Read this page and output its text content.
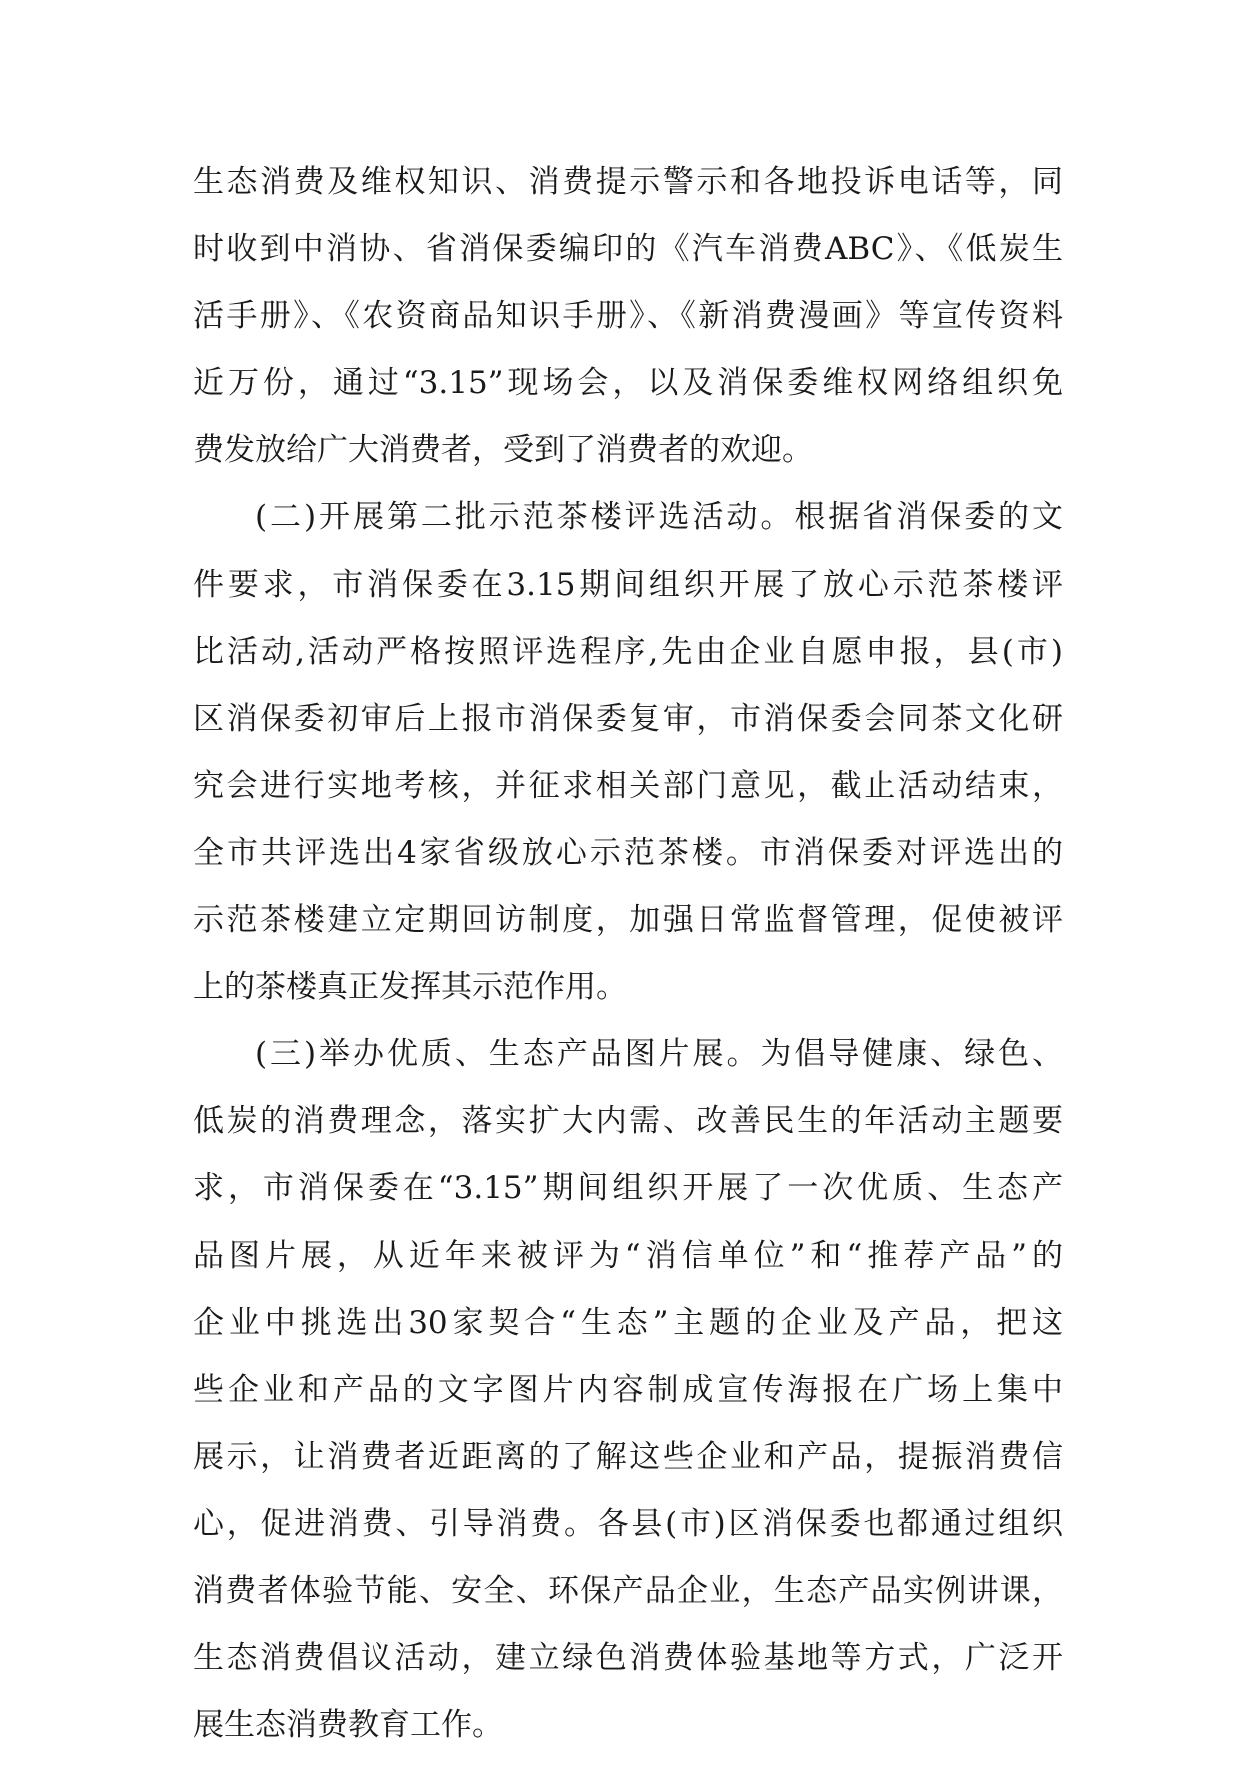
生态消费及维权知识、消费提示警示和各地投诉电话等，同
时收到中消协、省消保委编印的《汽车消费ABC》、《低炭生
活手册》、《农资商品知识手册》、《新消费漫画》等宣传资料
近万份，通过“3.15”现场会，以及消保委维权网络组织免
费发放给广大消费者，受到了消费者的欢迎。
(二)开展第二批示范茶楼评选活动。根据省消保委的文
件要求，市消保委在3.15期间组织开展了放心示范茶楼评
比活动,活动严格按照评选程序,先由企业自愿申报，县(市)
区消保委初审后上报市消保委复审，市消保委会同茶文化研
究会进行实地考核，并征求相关部门意见，截止活动结束，
全市共评选出4家省级放心示范茶楼。市消保委对评选出的
示范茶楼建立定期回访制度，加强日常监督管理，促使被评
上的茶楼真正发挥其示范作用。
(三)举办优质、生态产品图片展。为倡导健康、绿色、
低炭的消费理念，落实扩大内需、改善民生的年活动主题要
求，市消保委在“3.15”期间组织开展了一次优质、生态产
品图片展，从近年来被评为“消信单位”和“推荐产品”的
企业中挑选出30家契合“生态”主题的企业及产品，把这
些企业和产品的文字图片内容制成宣传海报在广场上集中
展示，让消费者近距离的了解这些企业和产品，提振消费信
心，促进消费、引导消费。各县(市)区消保委也都通过组织
消费者体验节能、安全、环保产品企业，生态产品实例讲课，
生态消费倡议活动，建立绿色消费体验基地等方式，广泛开
展生态消费教育工作。
